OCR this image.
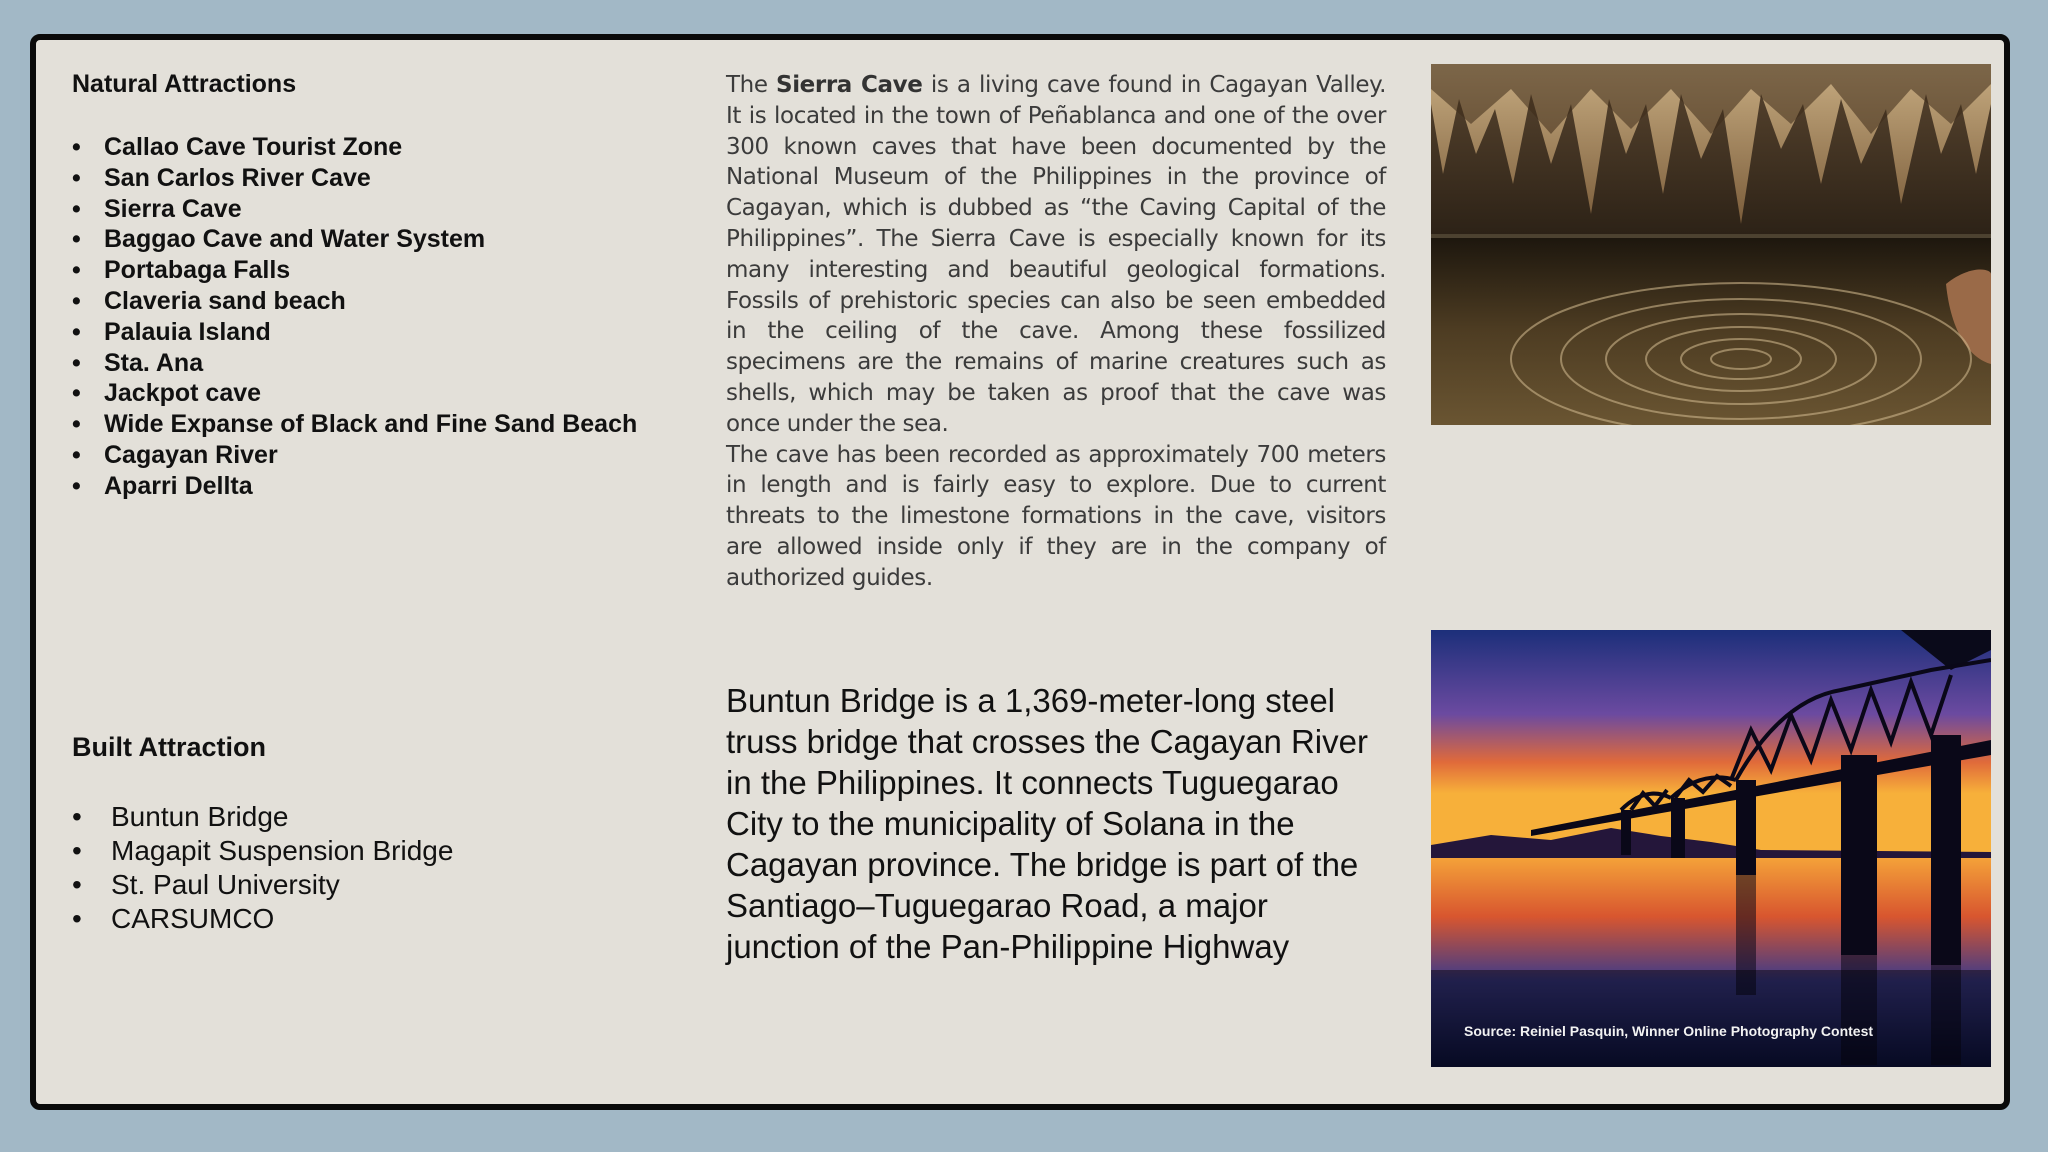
Natural Attractions
• Callao Cave Tourist Zone
• San Carlos River Cave
• Sierra Cave
• Baggao Cave and Water System
• Portabaga Falls
• Claveria sand beach
• Palauia Island
• Sta. Ana
• Jackpot cave
• Wide Expanse of Black and Fine Sand Beach
• Cagayan River
• Aparri Dellta
Built Attraction
• Buntun Bridge
• Magapit Suspension Bridge
• St. Paul University
• CARSUMCO

The Sierra Cave is a living cave found in Cagayan Valley. It is located in the town of Peñablanca and one of the over 300 known caves that have been documented by the National Museum of the Philippines in the province of Cagayan, which is dubbed as “the Caving Capital of the Philippines”. The Sierra Cave is especially known for its many interesting and beautiful geological formations. Fossils of prehistoric species can also be seen embedded in the ceiling of the cave. Among these fossilized specimens are the remains of marine creatures such as shells, which may be taken as proof that the cave was once under the sea.

The cave has been recorded as approximately 700 meters in length and is fairly easy to explore. Due to current threats to the limestone formations in the cave, visitors are allowed inside only if they are in the company of authorized guides.

Buntun Bridge is a 1,369-meter-long steel truss bridge that crosses the Cagayan River in the Philippines. It connects Tuguegarao City to the municipality of Solana in the Cagayan province. The bridge is part of the Santiago–Tuguegarao Road, a major junction of the Pan-Philippine Highway

Source: Reiniel Pasquin, Winner Online Photography Contest
